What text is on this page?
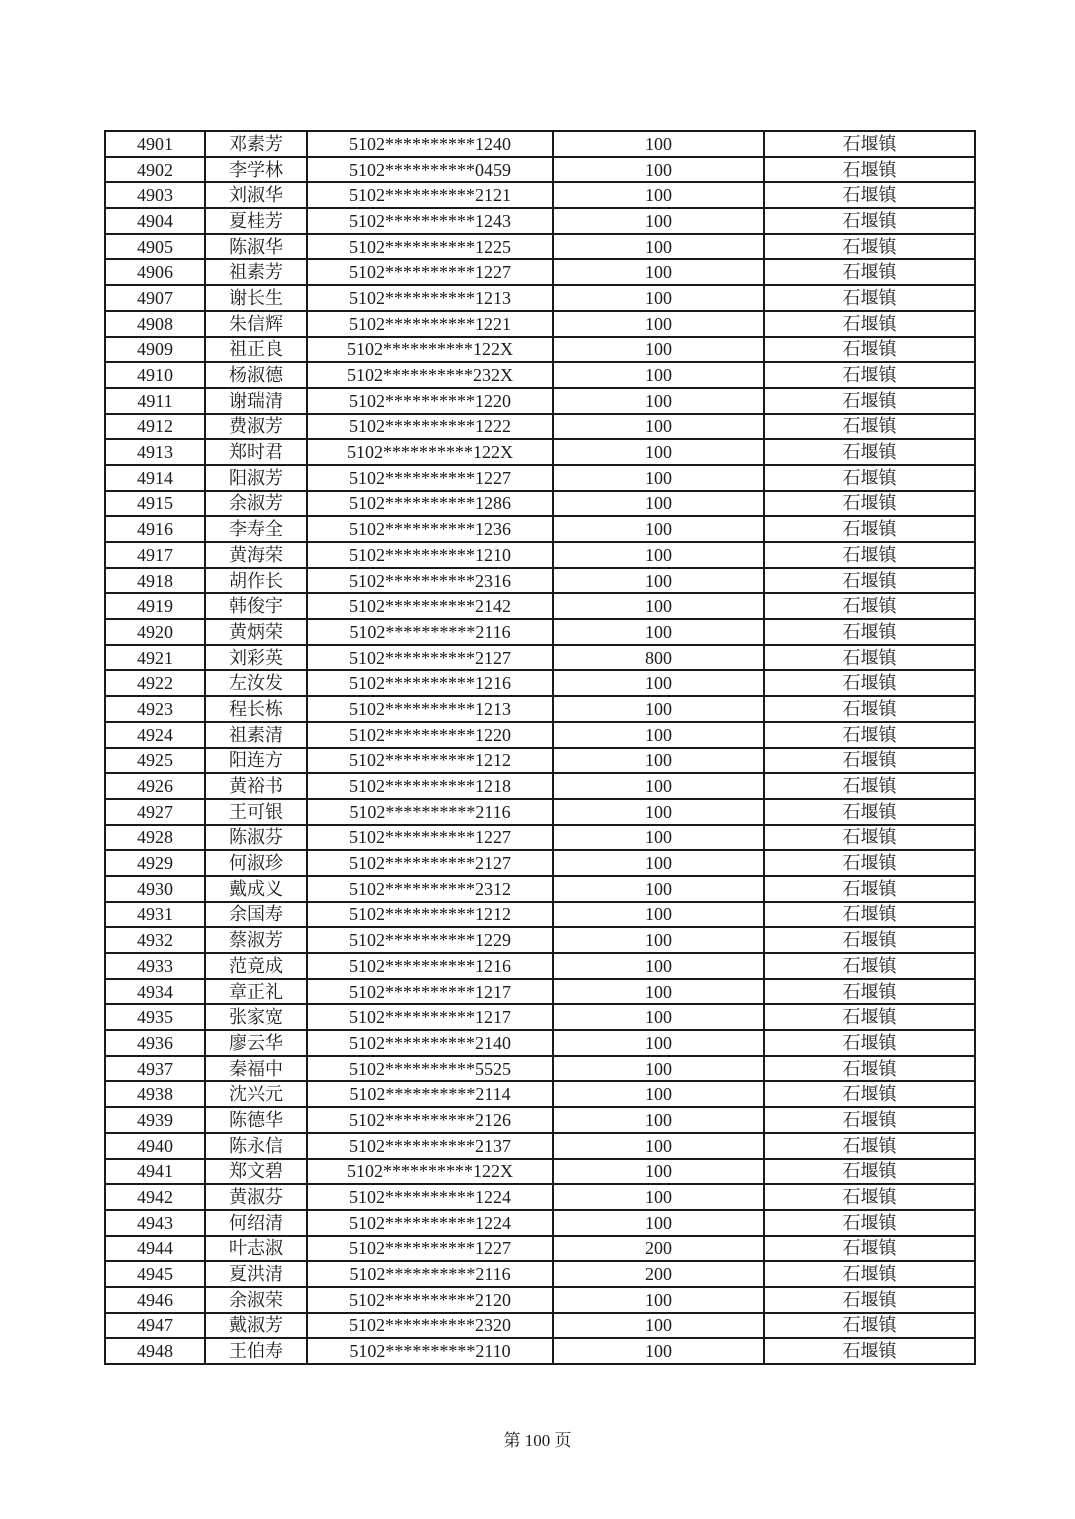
4901	邓素芳	5102**********1240	100	石堰镇
4902	李学林	5102**********0459	100	石堰镇
4903	刘淑华	5102**********2121	100	石堰镇
4904	夏桂芳	5102**********1243	100	石堰镇
4905	陈淑华	5102**********1225	100	石堰镇
4906	祖素芳	5102**********1227	100	石堰镇
4907	谢长生	5102**********1213	100	石堰镇
4908	朱信辉	5102**********1221	100	石堰镇
4909	祖正良	5102**********122X	100	石堰镇
4910	杨淑德	5102**********232X	100	石堰镇
4911	谢瑞清	5102**********1220	100	石堰镇
4912	费淑芳	5102**********1222	100	石堰镇
4913	郑时君	5102**********122X	100	石堰镇
4914	阳淑芳	5102**********1227	100	石堰镇
4915	余淑芳	5102**********1286	100	石堰镇
4916	李寿全	5102**********1236	100	石堰镇
4917	黄海荣	5102**********1210	100	石堰镇
4918	胡作长	5102**********2316	100	石堰镇
4919	韩俊宇	5102**********2142	100	石堰镇
4920	黄炳荣	5102**********2116	100	石堰镇
4921	刘彩英	5102**********2127	800	石堰镇
4922	左汝发	5102**********1216	100	石堰镇
4923	程长栋	5102**********1213	100	石堰镇
4924	祖素清	5102**********1220	100	石堰镇
4925	阳连方	5102**********1212	100	石堰镇
4926	黄裕书	5102**********1218	100	石堰镇
4927	王可银	5102**********2116	100	石堰镇
4928	陈淑芬	5102**********1227	100	石堰镇
4929	何淑珍	5102**********2127	100	石堰镇
4930	戴成义	5102**********2312	100	石堰镇
4931	余国寿	5102**********1212	100	石堰镇
4932	蔡淑芳	5102**********1229	100	石堰镇
4933	范竟成	5102**********1216	100	石堰镇
4934	章正礼	5102**********1217	100	石堰镇
4935	张家宽	5102**********1217	100	石堰镇
4936	廖云华	5102**********2140	100	石堰镇
4937	秦福中	5102**********5525	100	石堰镇
4938	沈兴元	5102**********2114	100	石堰镇
4939	陈德华	5102**********2126	100	石堰镇
4940	陈永信	5102**********2137	100	石堰镇
4941	郑文碧	5102**********122X	100	石堰镇
4942	黄淑芬	5102**********1224	100	石堰镇
4943	何绍清	5102**********1224	100	石堰镇
4944	叶志淑	5102**********1227	200	石堰镇
4945	夏洪清	5102**********2116	200	石堰镇
4946	余淑荣	5102**********2120	100	石堰镇
4947	戴淑芳	5102**********2320	100	石堰镇
4948	王伯寿	5102**********2110	100	石堰镇
第 100 页
